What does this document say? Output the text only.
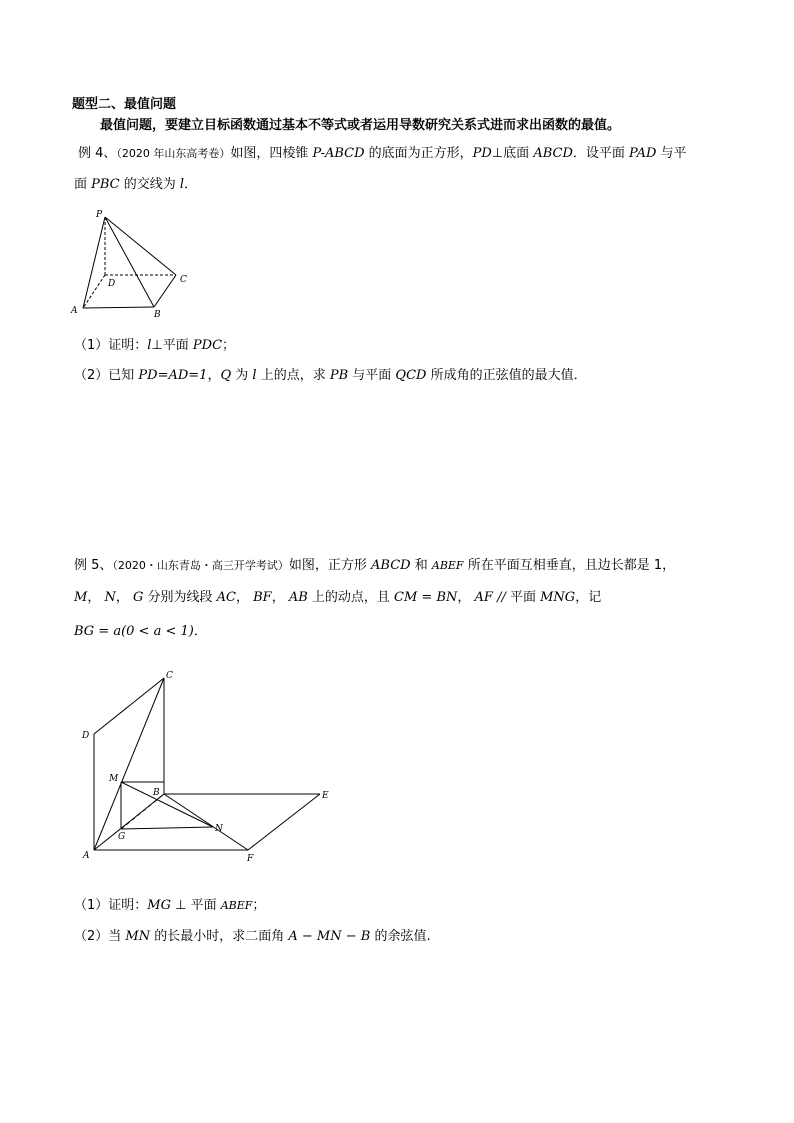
题型二、最值问题
最值问题，要建立目标函数通过基本不等式或者运用导数研究关系式进而求出函数的最值。
例 4、（2020 年山东高考卷）如图，四棱锥 P-ABCD 的底面为正方形，PD⊥底面 ABCD．设平面 PAD 与平
面 PBC 的交线为 l．
P
D	C
A	B
（1）证明：l⊥平面 PDC；
（2）已知 PD=AD=1，Q 为 l 上的点，求 PB 与平面 QCD 所成角的正弦值的最大值．
例 5、（2020・山东青岛・高三开学考试）如图，正方形 ABCD 和 ABEF 所在平面互相垂直，且边长都是 1，
M， N， G 分别为线段 AC， BF， AB 上的动点，且 CM = BN， AF // 平面 MNG，记
BG = a(0 < a < 1)．
C
D
M
B	E
N
G
A	F
（1）证明：MG ⊥ 平面 ABEF；
（2）当 MN 的长最小时，求二面角 A − MN − B 的余弦值.
